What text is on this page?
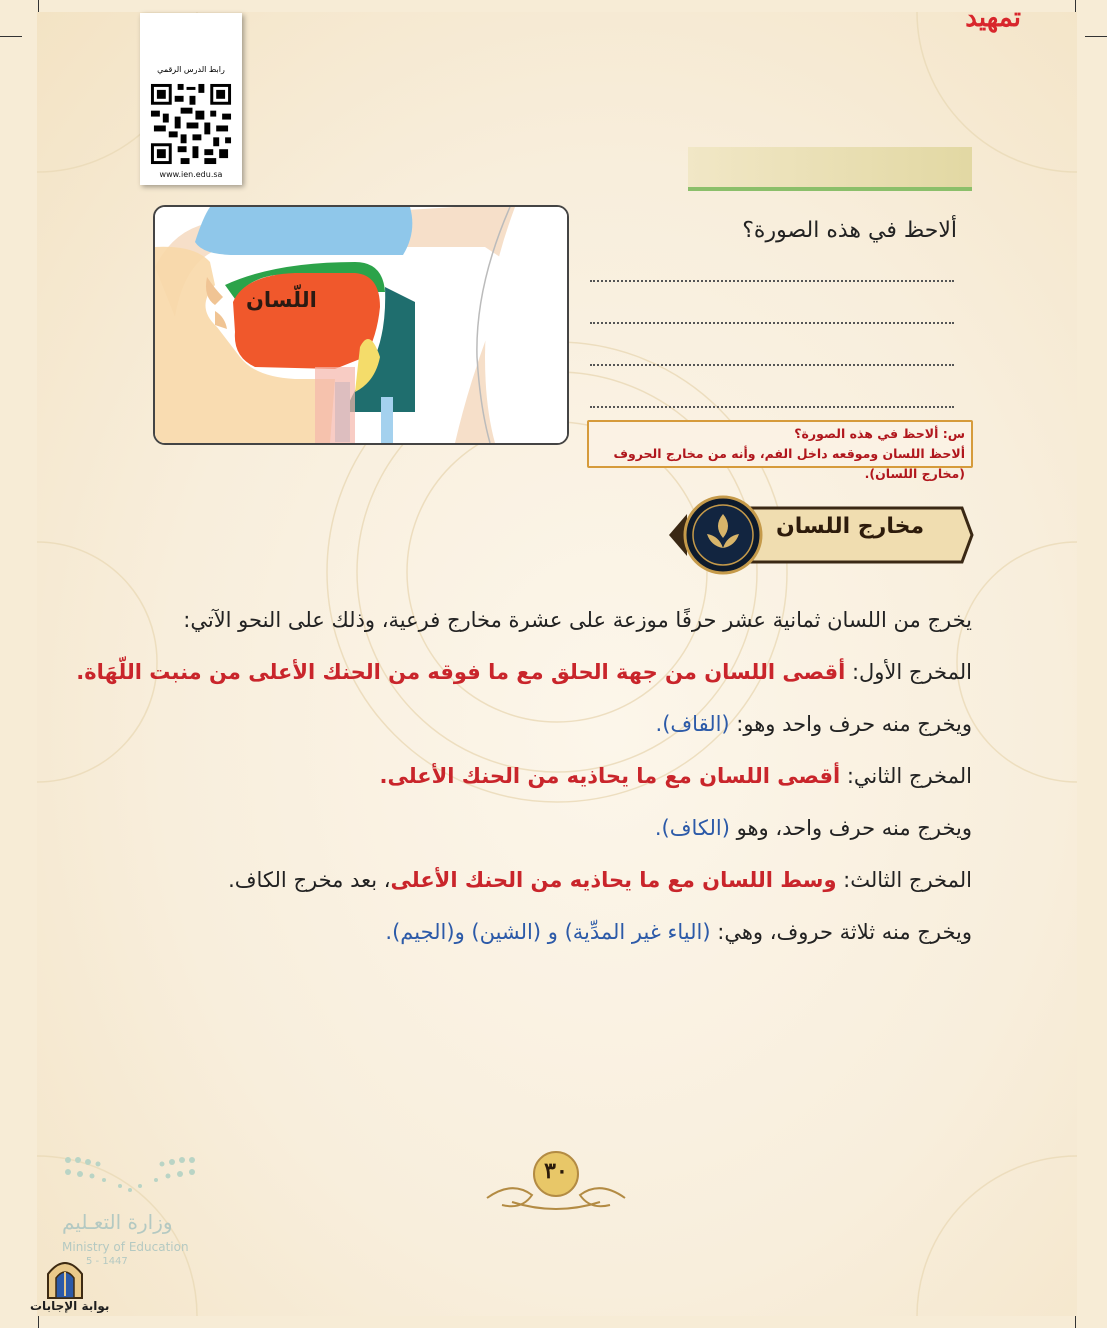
رابط الدرس الرقمي
www.ien.edu.sa
تمهيد
اللّسان
ألاحظ في هذه الصورة؟
س: ألاحظ في هذه الصورة؟
ألاحظ اللسان وموقعه داخل الفم، وأنه من مخارج الحروف (مخارج اللسان).
مخارج اللسان
يخرج من اللسان ثمانية عشر حرفًا موزعة على عشرة مخارج فرعية، وذلك على النحو الآتي:
المخرج الأول: أقصى اللسان من جهة الحلق مع ما فوقه من الحنك الأعلى من منبت اللّهَاة.
ويخرج منه حرف واحد وهو: (القاف).
المخرج الثاني: أقصى اللسان مع ما يحاذيه من الحنك الأعلى.
ويخرج منه حرف واحد، وهو (الكاف).
المخرج الثالث: وسط اللسان مع ما يحاذيه من الحنك الأعلى، بعد مخرج الكاف.
ويخرج منه ثلاثة حروف، وهي: (الياء غير المدِّية) و (الشين) و(الجيم).
٣٠
وزارة التعـليم
Ministry of Education
5 - 1447
بوابة الإجابات
